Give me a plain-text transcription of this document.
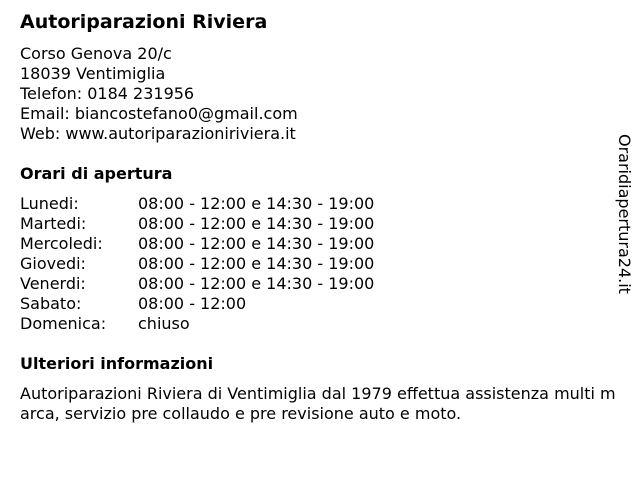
Autoriparazioni Riviera
Corso Genova 20/c
18039 Ventimiglia
Telefon: 0184 231956
Email: biancostefano0@gmail.com
Web: www.autoriparazioniriviera.it
Orari di apertura
Lunedi:	08:00 - 12:00 e 14:30 - 19:00
Martedi:	08:00 - 12:00 e 14:30 - 19:00
Mercoledi: 08:00 - 12:00 e 14:30 - 19:00
Giovedi:	08:00 - 12:00 e 14:30 - 19:00
Venerdi:	08:00 - 12:00 e 14:30 - 19:00
Sabato:	08:00 - 12:00
Domenica: chiuso
Ulteriori informazioni

Autoriparazioni Riviera di Ventimiglia dal 1979 effettua assistenza multi marca, servizio pre collaudo e pre revisione auto e moto.

Oraridiapertura24.it
